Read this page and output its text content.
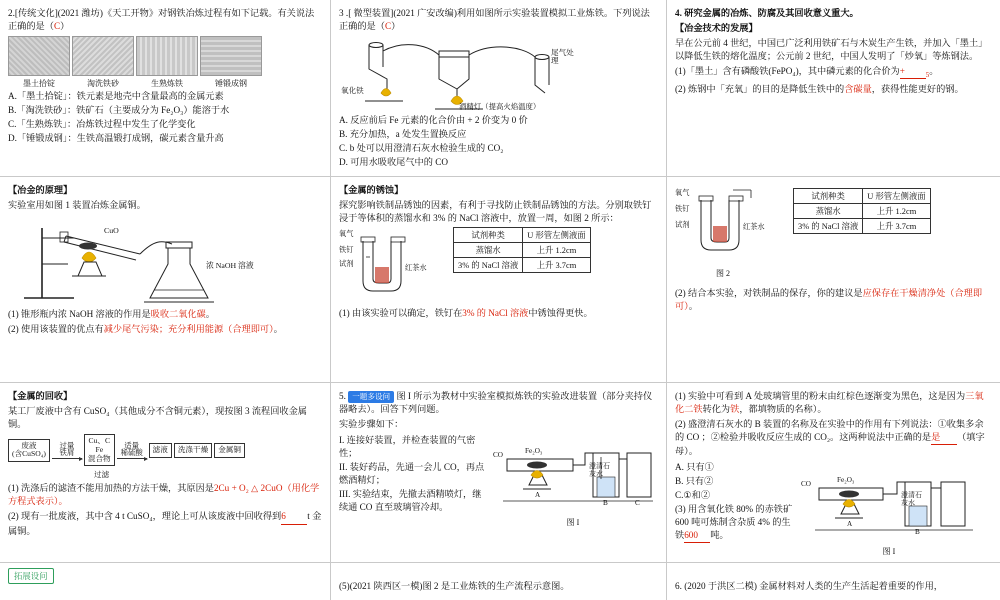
2.[传统文化](2021 潍坊)《天工开物》对钢铁冶炼过程有如下记载。有关说法正确的是（C）

墨土拾锭	淘洗铁砂	生熟炼铁	锤锻成钢

A.「墨土拾锭」：铁元素是地壳中含量最高的金属元素

B.「淘洗铁砂」：铁矿石（主要成分为 Fe₂O₃）能溶于水

C.「生熟炼铁」：冶炼铁过程中发生了化学变化

D.「锤锻成钢」：生铁高温锻打成钢，碳元素含量升高

3 .[ 微型装置](2021 广安改编)利用如图所示实验装置模拟工业炼铁。下列说法正确的是（C）

氧化铁
尾气处理
酒精灯（提高火焰温度）

A. 反应前后 Fe 元素的化合价由 + 2 价变为 0 价

B. 充分加热，a 处发生置换反应

C. b 处可以用澄清石灰水检验生成的 CO₂

D. 可用水吸收尾气中的 CO

4. 研究金属的冶炼、防腐及其回收意义重大。

【冶金技术的发展】

早在公元前 4 世纪，中国已广泛利用铁矿石与木炭生产生铁，并加入「墨土」以降低生铁的熔化温度；公元前 2 世纪，中国人发明了「炒氧」等炼钢法。

(1)「墨土」含有磷酸铁(FePO₄)，其中磷元素的化合价为+	$_5$。

(2) 炼钢中「充氧」的目的是降低生铁中的含碳量，获得性能更好的钢。

【冶金的原理】

实验室用如图 1 装置冶炼金属铜。

浓 NaOH 溶液
CuO

(1) 锥形瓶内浓 NaOH 溶液的作用是吸收二氧化碳。

(2) 使用该装置的优点有减少尾气污染；充分利用能源（合理即可）。

【金属的锈蚀】

探究影响铁制品锈蚀的因素，有利于寻找防止铁制品锈蚀的方法。分别取铁钉浸于等体积的蒸馏水和 3% 的 NaCl 溶液中，放置一周，如图 2 所示：

氧气
铁钉
试剂	红茶水
试剂种类	U 形管左侧液面
蒸馏水	上升 1.2cm
3% 的 NaCl 溶液	上升 3.7cm

(1) 由该实验可以确定，铁钉在3% 的 NaCl 溶液中锈蚀得更快。

氧气
铁钉
试剂	红茶水
图 2
试剂种类	U 形管左侧液面
蒸馏水	上升 1.2cm
3% 的 NaCl 溶液	上升 3.7cm

(2) 结合本实验，对铁制品的保存，你的建议是应保存在干燥清净处（合理即可）。

【金属的回收】

某工厂废液中含有 CuSO₄（其他成分不含铜元素），现按图 3 流程回收金属铜。

废液
(含CuSO₄)
过量
铁屑
Cu、C
Fe
混合物
适量
稀硫酸	滤液	洗涤干燥	金属铜
过滤

(1) 洗涤后的滤渣不能用加热的方法干燥，其原因是2Cu + O₂ △ 2CuO（用化学方程式表示）。

(2) 现有一批废液，其中含 4 t CuSO₄，理论上可从该废液中回收得到6 t 金属铜。

5. 一题多设问 图 I 所示为教材中实验室模拟炼铁的实验改进装置（部分夹持仪器略去）。回答下列问题。

实验步骤如下：

I. 连接好装置，并检查装置的气密性；

II. 装好药品，先通一会儿 CO，再点燃酒精灯；

III. 实验结束，先撤去酒精喷灯，继续通 CO 直至玻璃管冷却。

CO	Fe₂O₃
A
B	C
澄清石灰水
图 I

(1) 实验中可看到 A 处玻璃管里的粉末由红棕色逐渐变为黑色，这是因为三氧化二铁转化为铁，都填物质的名称）。

(2) 盛澄清石灰水的 B 装置的名称及在实验中的作用有下列说法：①收集多余的 CO ；②检验并吸收反应生成的 CO₂。这两种说法中正确的是是 （填字母）。

A. 只有①

B. 只有②

C.①和②

(3) 用含氧化铁 80% 的赤铁矿 600 吨可炼制含杂质 4% 的生铁600 吨。

CO	Fe₂O₃
A
B
澄清石灰水
图 I
拓展设问

(5)(2021 陕西区一模)图 2 是工业炼铁的生产流程示意图。	6. (2020 于洪区二模) 金属材料对人类的生产生活起着重要的作用，
